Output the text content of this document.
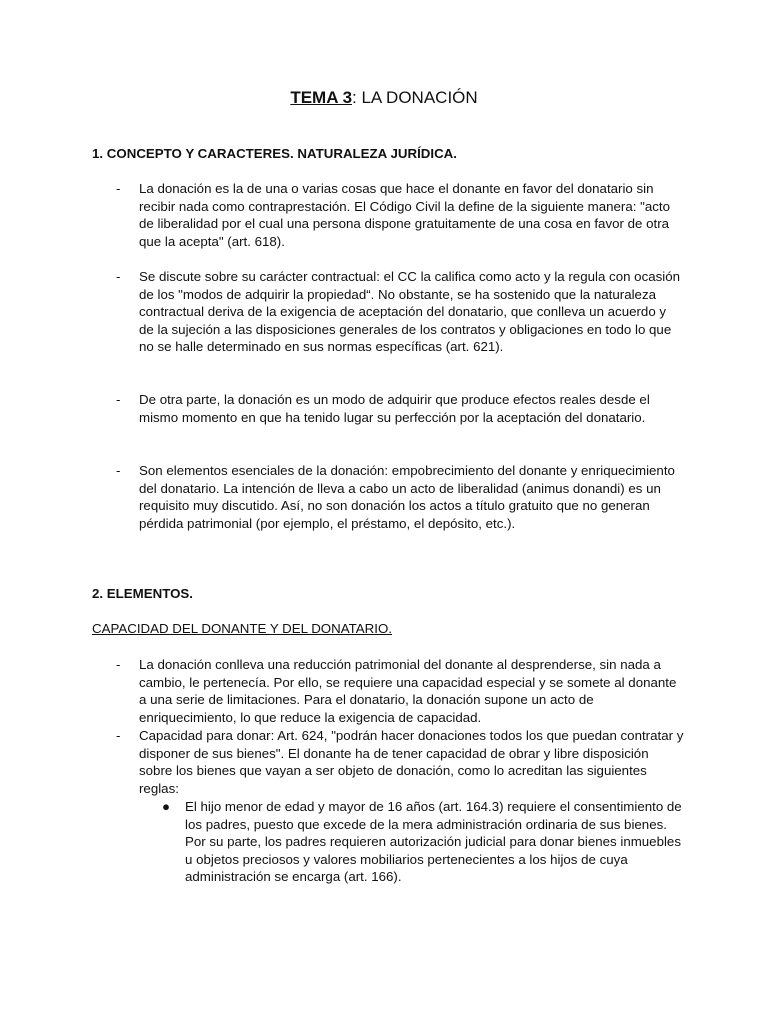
TEMA 3: LA DONACIÓN
1. CONCEPTO Y CARACTERES. NATURALEZA JURÍDICA.
- La donación es la de una o varias cosas que hace el donante en favor del donatario sin recibir nada como contraprestación. El Código Civil la define de la siguiente manera: "acto de liberalidad por el cual una persona dispone gratuitamente de una cosa en favor de otra que la acepta" (art. 618).
- Se discute sobre su carácter contractual: el CC la califica como acto y la regula con ocasión de los "modos de adquirir la propiedad“. No obstante, se ha sostenido que la naturaleza contractual deriva de la exigencia de aceptación del donatario, que conlleva un acuerdo y de la sujeción a las disposiciones generales de los contratos y obligaciones en todo lo que no se halle determinado en sus normas específicas (art. 621).
- De otra parte, la donación es un modo de adquirir que produce efectos reales desde el mismo momento en que ha tenido lugar su perfección por la aceptación del donatario.
- Son elementos esenciales de la donación: empobrecimiento del donante y enriquecimiento del donatario. La intención de lleva a cabo un acto de liberalidad (animus donandi) es un requisito muy discutido. Así, no son donación los actos a título gratuito que no generan pérdida patrimonial (por ejemplo, el préstamo, el depósito, etc.).
2. ELEMENTOS.
CAPACIDAD DEL DONANTE Y DEL DONATARIO.
- La donación conlleva una reducción patrimonial del donante al desprenderse, sin nada a cambio, le pertenecía. Por ello, se requiere una capacidad especial y se somete al donante a una serie de limitaciones. Para el donatario, la donación supone un acto de enriquecimiento, lo que reduce la exigencia de capacidad.
- Capacidad para donar: Art. 624, "podrán hacer donaciones todos los que puedan contratar y disponer de sus bienes". El donante ha de tener capacidad de obrar y libre disposición sobre los bienes que vayan a ser objeto de donación, como lo acreditan las siguientes reglas:
● El hijo menor de edad y mayor de 16 años (art. 164.3) requiere el consentimiento de los padres, puesto que excede de la mera administración ordinaria de sus bienes. Por su parte, los padres requieren autorización judicial para donar bienes inmuebles u objetos preciosos y valores mobiliarios pertenecientes a los hijos de cuya administración se encarga (art. 166).
